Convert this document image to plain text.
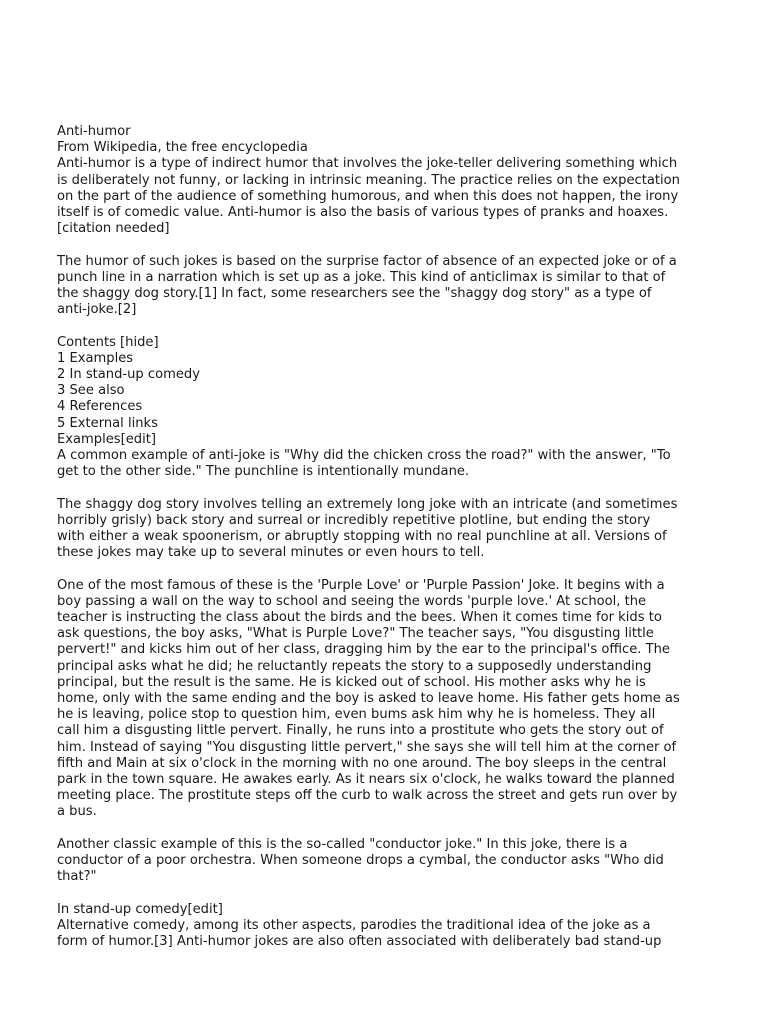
Anti-humor
From Wikipedia, the free encyclopedia
Anti-humor is a type of indirect humor that involves the joke-teller delivering something which
is deliberately not funny, or lacking in intrinsic meaning. The practice relies on the expectation
on the part of the audience of something humorous, and when this does not happen, the irony
itself is of comedic value. Anti-humor is also the basis of various types of pranks and hoaxes.
[citation needed]
The humor of such jokes is based on the surprise factor of absence of an expected joke or of a
punch line in a narration which is set up as a joke. This kind of anticlimax is similar to that of
the shaggy dog story.[1] In fact, some researchers see the "shaggy dog story" as a type of
anti-joke.[2]
Contents [hide]
1 Examples
2 In stand-up comedy
3 See also
4 References
5 External links
Examples[edit]
A common example of anti-joke is "Why did the chicken cross the road?" with the answer, "To
get to the other side." The punchline is intentionally mundane.
The shaggy dog story involves telling an extremely long joke with an intricate (and sometimes
horribly grisly) back story and surreal or incredibly repetitive plotline, but ending the story
with either a weak spoonerism, or abruptly stopping with no real punchline at all. Versions of
these jokes may take up to several minutes or even hours to tell.
One of the most famous of these is the 'Purple Love' or 'Purple Passion' Joke. It begins with a
boy passing a wall on the way to school and seeing the words 'purple love.' At school, the
teacher is instructing the class about the birds and the bees. When it comes time for kids to
ask questions, the boy asks, "What is Purple Love?" The teacher says, "You disgusting little
pervert!" and kicks him out of her class, dragging him by the ear to the principal's office. The
principal asks what he did; he reluctantly repeats the story to a supposedly understanding
principal, but the result is the same. He is kicked out of school. His mother asks why he is
home, only with the same ending and the boy is asked to leave home. His father gets home as
he is leaving, police stop to question him, even bums ask him why he is homeless. They all
call him a disgusting little pervert. Finally, he runs into a prostitute who gets the story out of
him. Instead of saying "You disgusting little pervert," she says she will tell him at the corner of
fifth and Main at six o'clock in the morning with no one around. The boy sleeps in the central
park in the town square. He awakes early. As it nears six o'clock, he walks toward the planned
meeting place. The prostitute steps off the curb to walk across the street and gets run over by
a bus.
Another classic example of this is the so-called "conductor joke." In this joke, there is a
conductor of a poor orchestra. When someone drops a cymbal, the conductor asks "Who did
that?"
In stand-up comedy[edit]
Alternative comedy, among its other aspects, parodies the traditional idea of the joke as a
form of humor.[3] Anti-humor jokes are also often associated with deliberately bad stand-up
